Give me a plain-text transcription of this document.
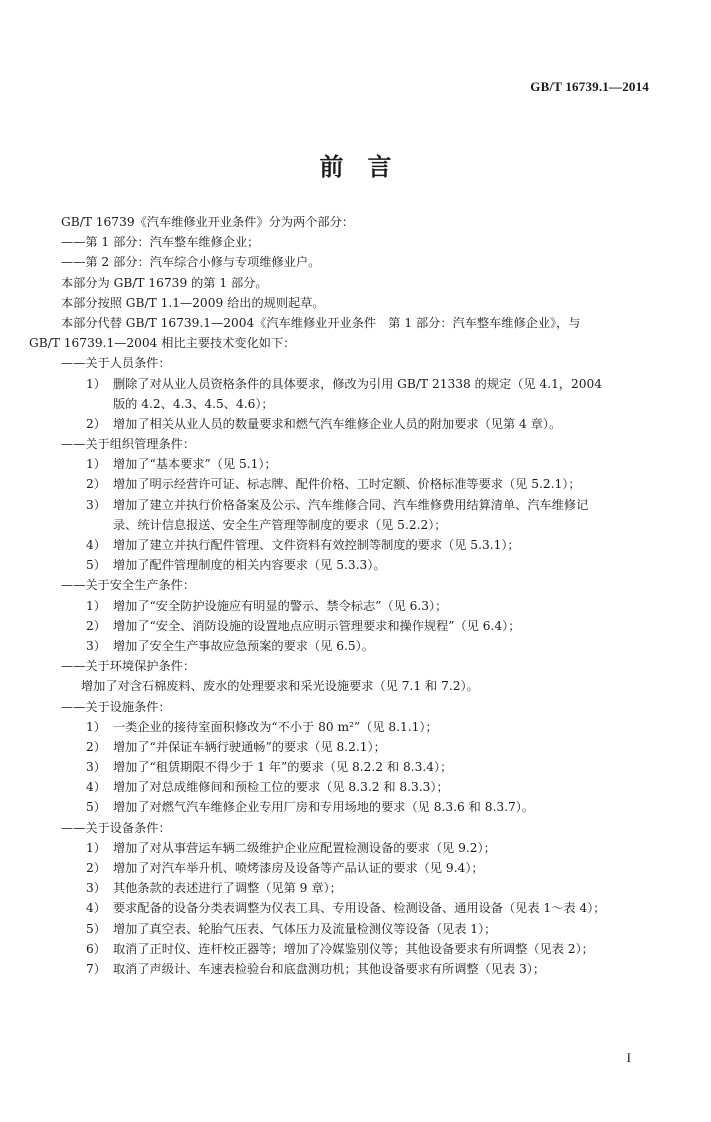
GB/T 16739.1—2014
前　言
GB/T 16739《汽车维修业开业条件》分为两个部分：
——第 1 部分：汽车整车维修企业；
——第 2 部分：汽车综合小修与专项维修业户。
本部分为 GB/T 16739 的第 1 部分。
本部分按照 GB/T 1.1—2009 给出的规则起草。
本部分代替 GB/T 16739.1—2004《汽车维修业开业条件　第 1 部分：汽车整车维修企业》，与
GB/T 16739.1—2004 相比主要技术变化如下：
——关于人员条件：
1） 删除了对从业人员资格条件的具体要求，修改为引用 GB/T 21338 的规定（见 4.1，2004
版的 4.2、4.3、4.5、4.6）；
2） 增加了相关从业人员的数量要求和燃气汽车维修企业人员的附加要求（见第 4 章）。
——关于组织管理条件：
1） 增加了“基本要求”（见 5.1）；
2） 增加了明示经营许可证、标志牌、配件价格、工时定额、价格标准等要求（见 5.2.1）；
3） 增加了建立并执行价格备案及公示、汽车维修合同、汽车维修费用结算清单、汽车维修记
录、统计信息报送、安全生产管理等制度的要求（见 5.2.2）；
4） 增加了建立并执行配件管理、文件资料有效控制等制度的要求（见 5.3.1）；
5） 增加了配件管理制度的相关内容要求（见 5.3.3）。
——关于安全生产条件：
1） 增加了“安全防护设施应有明显的警示、禁令标志”（见 6.3）；
2） 增加了“安全、消防设施的设置地点应明示管理要求和操作规程”（见 6.4）；
3） 增加了安全生产事故应急预案的要求（见 6.5）。
——关于环境保护条件：
增加了对含石棉废料、废水的处理要求和采光设施要求（见 7.1 和 7.2）。
——关于设施条件：
1） 一类企业的接待室面积修改为“不小于 80 m²”（见 8.1.1）；
2） 增加了“并保证车辆行驶通畅”的要求（见 8.2.1）；
3） 增加了“租赁期限不得少于 1 年”的要求（见 8.2.2 和 8.3.4）；
4） 增加了对总成维修间和预检工位的要求（见 8.3.2 和 8.3.3）；
5） 增加了对燃气汽车维修企业专用厂房和专用场地的要求（见 8.3.6 和 8.3.7）。
——关于设备条件：
1） 增加了对从事营运车辆二级维护企业应配置检测设备的要求（见 9.2）；
2） 增加了对汽车举升机、喷烤漆房及设备等产品认证的要求（见 9.4）；
3） 其他条款的表述进行了调整（见第 9 章）；
4） 要求配备的设备分类表调整为仪表工具、专用设备、检测设备、通用设备（见表 1～表 4）；
5） 增加了真空表、轮胎气压表、气体压力及流量检测仪等设备（见表 1）；
6） 取消了正时仪、连杆校正器等；增加了冷媒鉴别仪等；其他设备要求有所调整（见表 2）；
7） 取消了声级计、车速表检验台和底盘测功机；其他设备要求有所调整（见表 3）；
I
